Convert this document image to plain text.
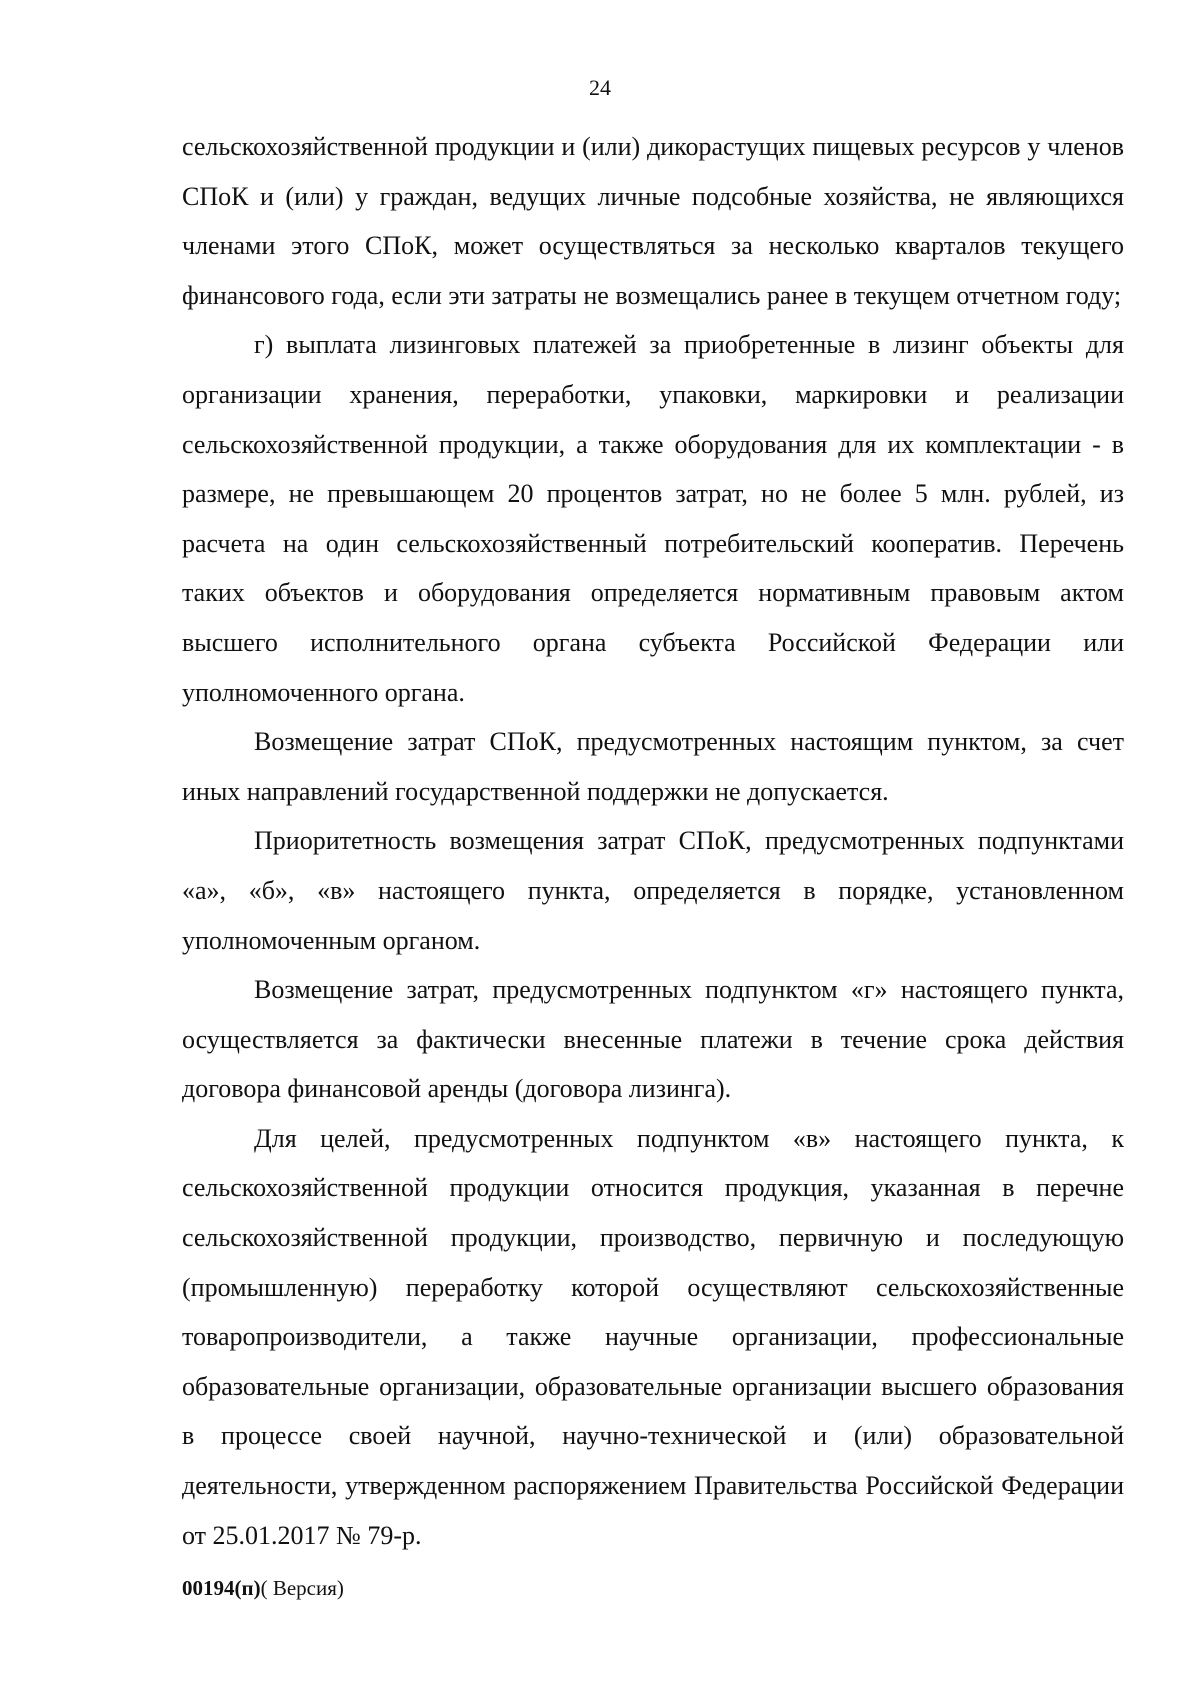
24

сельскохозяйственной продукции и (или) дикорастущих пищевых ресурсов у членов СПоК и (или) у граждан, ведущих личные подсобные хозяйства, не являющихся членами этого СПоК, может осуществляться за несколько кварталов текущего финансового года, если эти затраты не возмещались ранее в текущем отчетном году;

г) выплата лизинговых платежей за приобретенные в лизинг объекты для организации хранения, переработки, упаковки, маркировки и реализации сельскохозяйственной продукции, а также оборудования для их комплектации - в размере, не превышающем 20 процентов затрат, но не более 5 млн. рублей, из расчета на один сельскохозяйственный потребительский кооператив. Перечень таких объектов и оборудования определяется нормативным правовым актом высшего исполнительного органа субъекта Российской Федерации или уполномоченного органа.

Возмещение затрат СПоК, предусмотренных настоящим пунктом, за счет иных направлений государственной поддержки не допускается.

Приоритетность возмещения затрат СПоК, предусмотренных подпунктами «а», «б», «в» настоящего пункта, определяется в порядке, установленном уполномоченным органом.

Возмещение затрат, предусмотренных подпунктом «г» настоящего пункта, осуществляется за фактически внесенные платежи в течение срока действия договора финансовой аренды (договора лизинга).

Для целей, предусмотренных подпунктом «в» настоящего пункта, к сельскохозяйственной продукции относится продукция, указанная в перечне сельскохозяйственной продукции, производство, первичную и последующую (промышленную) переработку которой осуществляют сельскохозяйственные товаропроизводители, а также научные организации, профессиональные образовательные организации, образовательные организации высшего образования в процессе своей научной, научно-технической и (или) образовательной деятельности, утвержденном распоряжением Правительства Российской Федерации от 25.01.2017 № 79-р.

00194(п)( Версия)
